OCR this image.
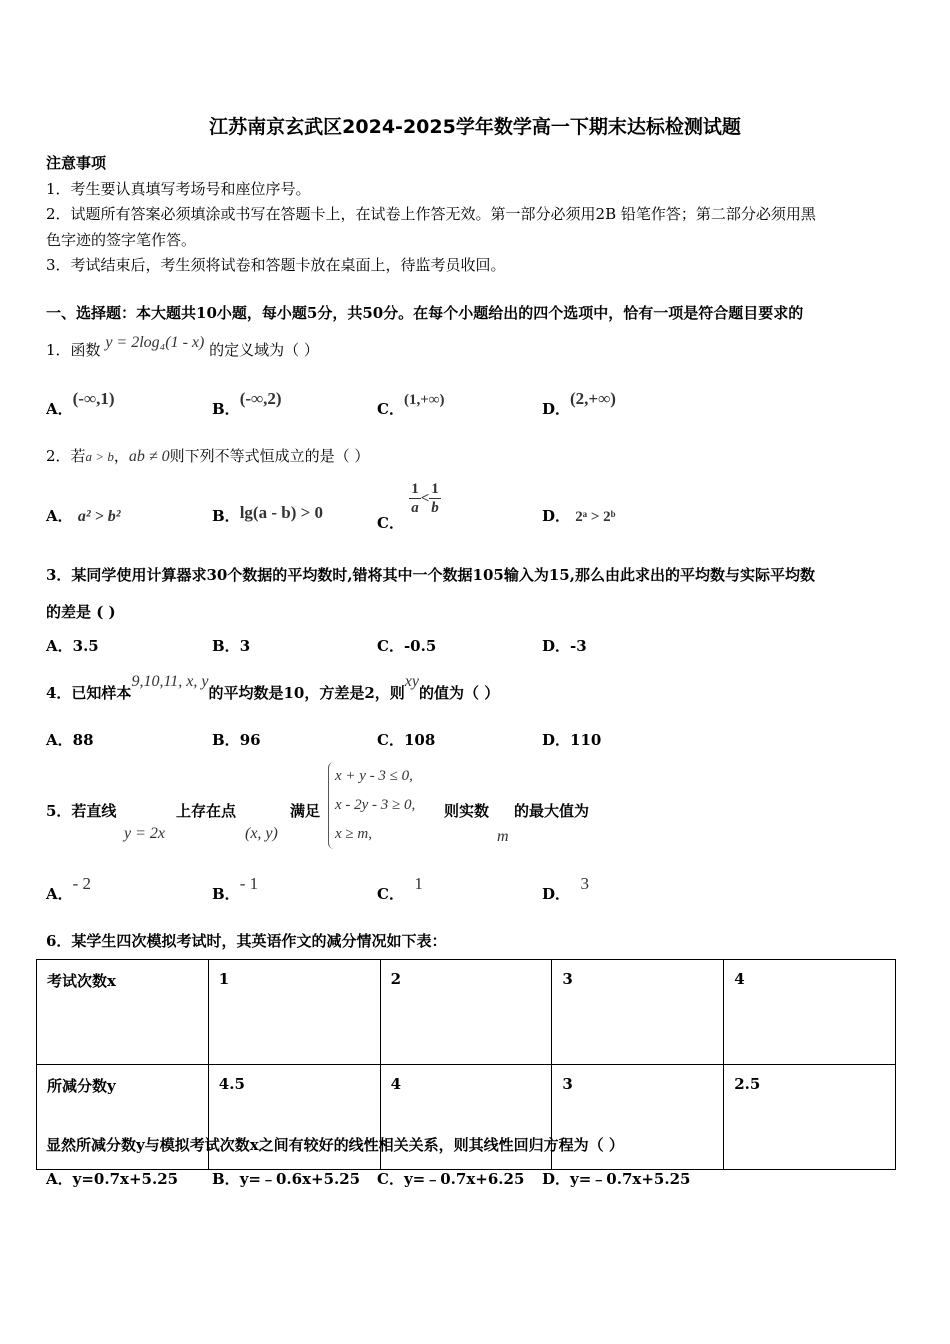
江苏南京玄武区2024-2025学年数学高一下期末达标检测试题
注意事项
1．考生要认真填写考场号和座位序号。
2．试题所有答案必须填涂或书写在答题卡上，在试卷上作答无效。第一部分必须用2B 铅笔作答；第二部分必须用黑
色字迹的签字笔作答。
3．考试结束后，考生须将试卷和答题卡放在桌面上，待监考员收回。
一、选择题：本大题共10小题，每小题5分，共50分。在每个小题给出的四个选项中，恰有一项是符合题目要求的
1．函数 y = 2log₄(1 - x) 的定义域为（ ）
A．(-∞,1)
B．(-∞,2)
C．(1,+∞)	D．(2,+∞)
2．若a > b，ab ≠ 0则下列不等式恒成立的是（ ）
A． a² > b²	B．lg(a - b) > 0
C．
$\frac{1}{a} < \frac{1}{b}$	D． 2ᵃ > 2ᵇ
3．某同学使用计算器求30个数据的平均数时,错将其中一个数据105输入为15,那么由此求出的平均数与实际平均数
的差是 ( )
A．3.5	B．3	C．-0.5	D．-3
4．已知样本9,10,11, x, y的平均数是10，方差是2，则xy的值为（ ）
A．88	B．96	C．108	D．110
5．若直线
y = 2x
上存在点
(x, y)
满足
x + y - 3 ≤ 0,
x - 2y - 3 ≥ 0,
x ≥ m,
则实数
m
的最大值为
A．- 2
B．- 1
C．  1
D．  3
6．某学生四次模拟考试时，其英语作文的减分情况如下表：
考试次数x	1	2	3	4
所减分数y	4.5	4	3	2.5
显然所减分数y与模拟考试次数x之间有较好的线性相关关系，则其线性回归方程为（ ）
A．y=0.7x+5.25 B．y=﹣0.6x+5.25 C．y=﹣0.7x+6.25 D．y=﹣0.7x+5.25
